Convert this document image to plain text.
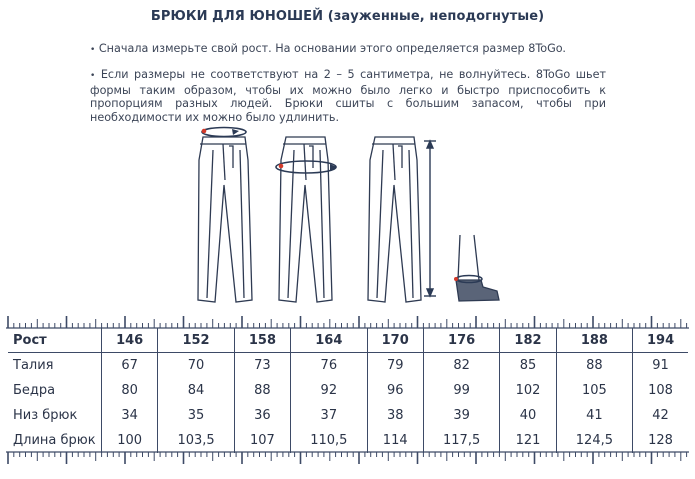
БРЮКИ ДЛЯ ЮНОШЕЙ (зауженные, неподогнутые)
• Сначала измерьте свой рост. На основании этого определяется размер 8ToGo.
• Если размеры не соответствуют на 2 – 5 сантиметра, не волнуйтесь. 8ToGo шьет формы таким образом, чтобы их можно было легко и быстро приспособить к пропорциям разных людей. Брюки сшиты с большим запасом, чтобы при необходимости их можно было удлинить.
Рост	146	152	158	164	170	176	182	188	194
Талия	67	70	73	76	79	82	85	88	91
Бедра	80	84	88	92	96	99	102	105	108
Низ брюк	34	35	36	37	38	39	40	41	42
Длина брюк	100	103,5	107	110,5	114	117,5	121	124,5	128
